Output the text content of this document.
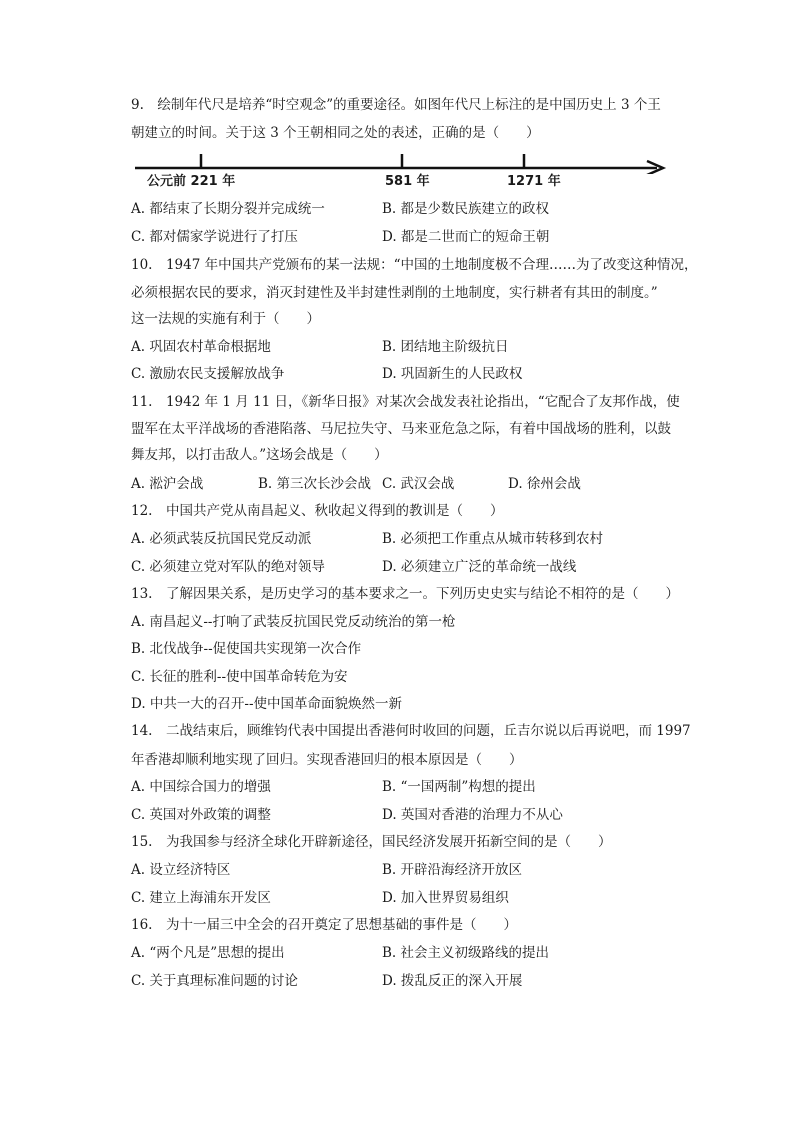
9.　绘制年代尺是培养“时空观念”的重要途径。如图年代尺上标注的是中国历史上 3 个王
朝建立的时间。关于这 3 个王朝相同之处的表述，正确的是（　　）
公元前 221 年	581 年	1271 年
A. 都结束了长期分裂并完成统一	B. 都是少数民族建立的政权
C. 都对儒家学说进行了打压	D. 都是二世而亡的短命王朝
10.　1947 年中国共产党颁布的某一法规：“中国的土地制度极不合理……为了改变这种情况，
必须根据农民的要求，消灭封建性及半封建性剥削的土地制度，实行耕者有其田的制度。”
这一法规的实施有利于（　　）
A. 巩固农村革命根据地	B. 团结地主阶级抗日
C. 激励农民支援解放战争	D. 巩固新生的人民政权
11.　1942 年 1 月 11 日，《新华日报》对某次会战发表社论指出，“它配合了友邦作战，使
盟军在太平洋战场的香港陷落、马尼拉失守、马来亚危急之际，有着中国战场的胜利，以鼓
舞友邦，以打击敌人。”这场会战是（　　）
A. 淞沪会战	B. 第三次长沙会战 C. 武汉会战	D. 徐州会战
12.　中国共产党从南昌起义、秋收起义得到的教训是（　　）
A. 必须武装反抗国民党反动派	B. 必须把工作重点从城市转移到农村
C. 必须建立党对军队的绝对领导	D. 必须建立广泛的革命统一战线
13.　了解因果关系，是历史学习的基本要求之一。下列历史史实与结论不相符的是（　　）
A. 南昌起义--打响了武装反抗国民党反动统治的第一枪
B. 北伐战争--促使国共实现第一次合作
C. 长征的胜利--使中国革命转危为安
D. 中共一大的召开--使中国革命面貌焕然一新
14.　二战结束后，顾维钧代表中国提出香港何时收回的问题，丘吉尔说以后再说吧，而 1997
年香港却顺利地实现了回归。实现香港回归的根本原因是（　　）
A. 中国综合国力的增强	B. “一国两制”构想的提出
C. 英国对外政策的调整	D. 英国对香港的治理力不从心
15.　为我国参与经济全球化开辟新途径，国民经济发展开拓新空间的是（　　）
A. 设立经济特区	B. 开辟沿海经济开放区
C. 建立上海浦东开发区	D. 加入世界贸易组织
16.　为十一届三中全会的召开奠定了思想基础的事件是（　　）
A. “两个凡是”思想的提出	B. 社会主义初级路线的提出
C. 关于真理标准问题的讨论	D. 拨乱反正的深入开展
